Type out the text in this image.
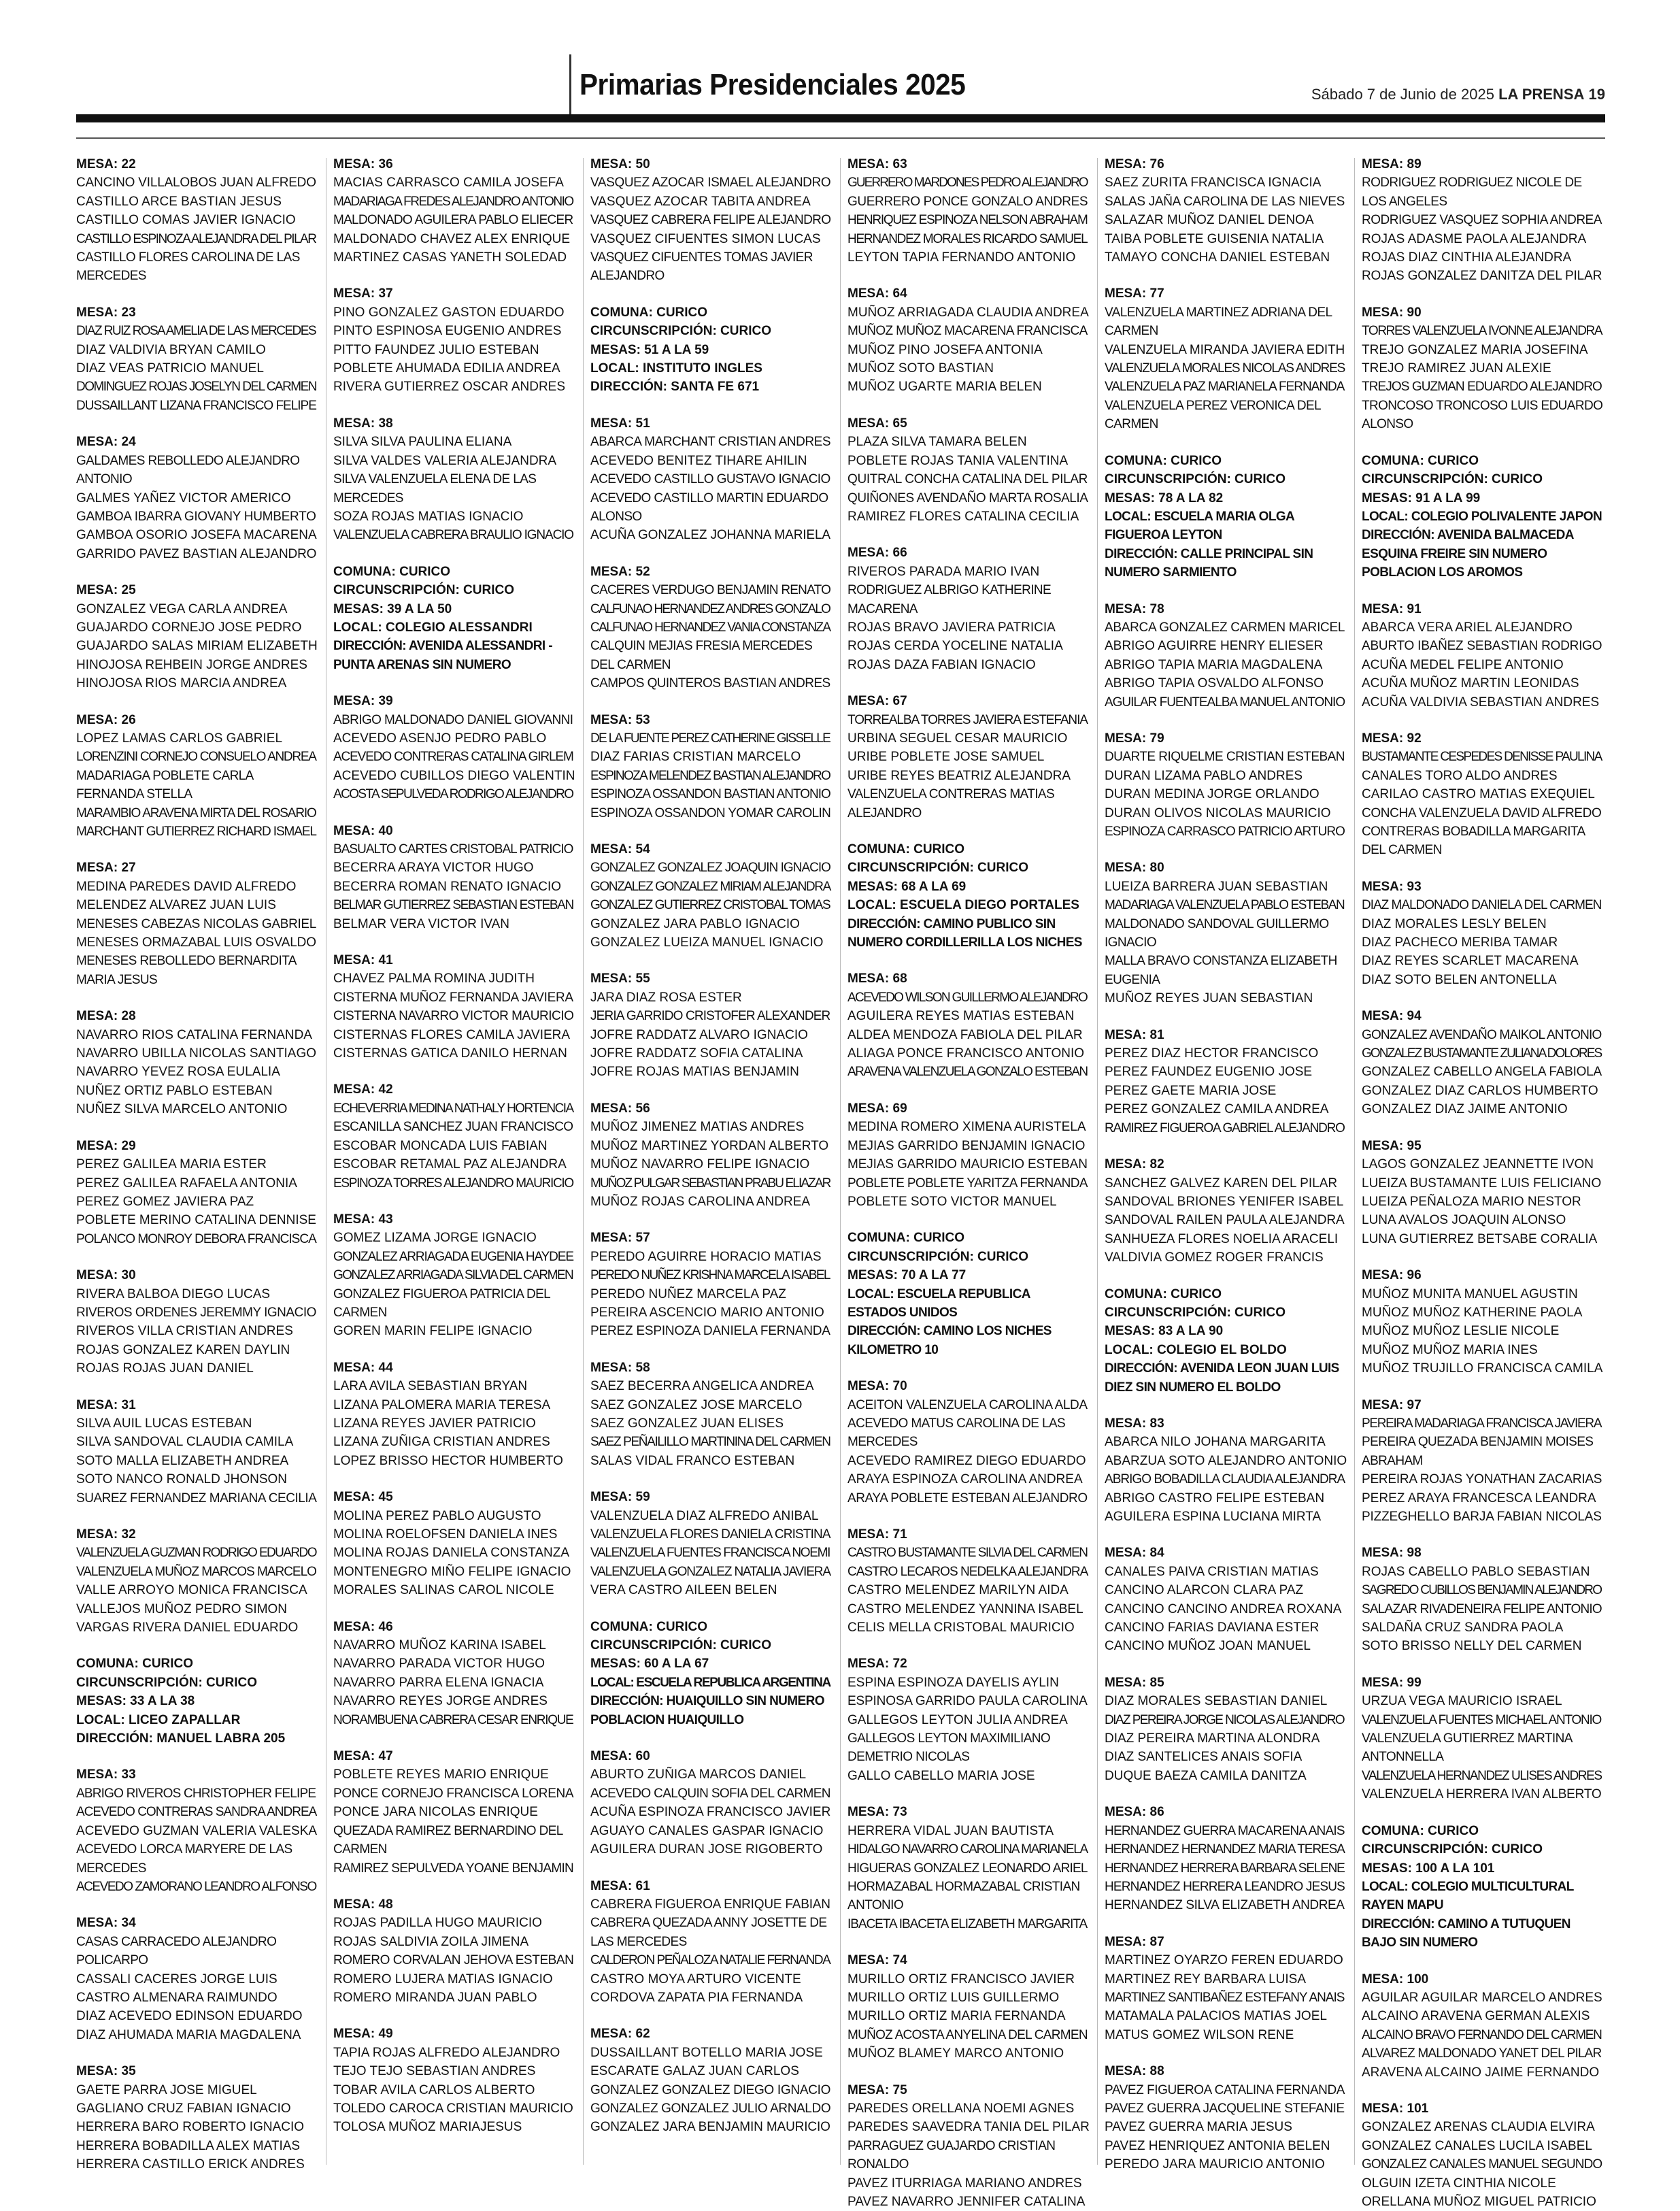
Primarias Presidenciales 2025	Sábado 7 de Junio de 2025 LA PRENSA 19
MESA: 22
CANCINO VILLALOBOS JUAN ALFREDO
CASTILLO ARCE BASTIAN JESUS
CASTILLO COMAS JAVIER IGNACIO
CASTILLO ESPINOZA ALEJANDRA DEL PILAR
CASTILLO FLORES CAROLINA DE LAS MERCEDES
MESA: 23
DIAZ RUIZ ROSA AMELIA DE LAS MERCEDES
DIAZ VALDIVIA BRYAN CAMILO
DIAZ VEAS PATRICIO MANUEL
DOMINGUEZ ROJAS JOSELYN DEL CARMEN
DUSSAILLANT LIZANA FRANCISCO FELIPE
MESA: 24
GALDAMES REBOLLEDO ALEJANDRO ANTONIO
GALMES YAÑEZ VICTOR AMERICO
GAMBOA IBARRA GIOVANY HUMBERTO
GAMBOA OSORIO JOSEFA MACARENA
GARRIDO PAVEZ BASTIAN ALEJANDRO
MESA: 25
GONZALEZ VEGA CARLA ANDREA
GUAJARDO CORNEJO JOSE PEDRO
GUAJARDO SALAS MIRIAM ELIZABETH
HINOJOSA REHBEIN JORGE ANDRES
HINOJOSA RIOS MARCIA ANDREA
MESA: 26
LOPEZ LAMAS CARLOS GABRIEL
LORENZINI CORNEJO CONSUELO ANDREA
MADARIAGA POBLETE CARLA FERNANDA STELLA
MARAMBIO ARAVENA MIRTA DEL ROSARIO
MARCHANT GUTIERREZ RICHARD ISMAEL
MESA: 27
MEDINA PAREDES DAVID ALFREDO
MELENDEZ ALVAREZ JUAN LUIS
MENESES CABEZAS NICOLAS GABRIEL
MENESES ORMAZABAL LUIS OSVALDO
MENESES REBOLLEDO BERNARDITA MARIA JESUS
MESA: 28
NAVARRO RIOS CATALINA FERNANDA
NAVARRO UBILLA NICOLAS SANTIAGO
NAVARRO YEVEZ ROSA EULALIA
NUÑEZ ORTIZ PABLO ESTEBAN
NUÑEZ SILVA MARCELO ANTONIO
MESA: 29
PEREZ GALILEA MARIA ESTER
PEREZ GALILEA RAFAELA ANTONIA
PEREZ GOMEZ JAVIERA PAZ
POBLETE MERINO CATALINA DENNISE
POLANCO MONROY DEBORA FRANCISCA
MESA: 30
RIVERA BALBOA DIEGO LUCAS
RIVEROS ORDENES JEREMMY IGNACIO
RIVEROS VILLA CRISTIAN ANDRES
ROJAS GONZALEZ KAREN DAYLIN
ROJAS ROJAS JUAN DANIEL
MESA: 31
SILVA AUIL LUCAS ESTEBAN
SILVA SANDOVAL CLAUDIA CAMILA
SOTO MALLA ELIZABETH ANDREA
SOTO NANCO RONALD JHONSON
SUAREZ FERNANDEZ MARIANA CECILIA
MESA: 32
VALENZUELA GUZMAN RODRIGO EDUARDO
VALENZUELA MUÑOZ MARCOS MARCELO
VALLE ARROYO MONICA FRANCISCA
VALLEJOS MUÑOZ PEDRO SIMON
VARGAS RIVERA DANIEL EDUARDO
COMUNA: CURICO
CIRCUNSCRIPCIÓN: CURICO
MESAS: 33 A LA 38
LOCAL: LICEO ZAPALLAR
DIRECCIÓN: MANUEL LABRA 205
MESA: 33
ABRIGO RIVEROS CHRISTOPHER FELIPE
ACEVEDO CONTRERAS SANDRA ANDREA
ACEVEDO GUZMAN VALERIA VALESKA
ACEVEDO LORCA MARYERE DE LAS MERCEDES
ACEVEDO ZAMORANO LEANDRO ALFONSO
MESA: 34
CASAS CARRACEDO ALEJANDRO POLICARPO
CASSALI CACERES JORGE LUIS
CASTRO ALMENARA RAIMUNDO
DIAZ ACEVEDO EDINSON EDUARDO
DIAZ AHUMADA MARIA MAGDALENA
MESA: 35
GAETE PARRA JOSE MIGUEL
GAGLIANO CRUZ FABIAN IGNACIO
HERRERA BARO ROBERTO IGNACIO
HERRERA BOBADILLA ALEX MATIAS
HERRERA CASTILLO ERICK ANDRES
MESA: 36
MACIAS CARRASCO CAMILA JOSEFA
MADARIAGA FREDES ALEJANDRO ANTONIO
MALDONADO AGUILERA PABLO ELIECER
MALDONADO CHAVEZ ALEX ENRIQUE
MARTINEZ CASAS YANETH SOLEDAD
MESA: 37
PINO GONZALEZ GASTON EDUARDO
PINTO ESPINOSA EUGENIO ANDRES
PITTO FAUNDEZ JULIO ESTEBAN
POBLETE AHUMADA EDILIA ANDREA
RIVERA GUTIERREZ OSCAR ANDRES
MESA: 38
SILVA SILVA PAULINA ELIANA
SILVA VALDES VALERIA ALEJANDRA
SILVA VALENZUELA ELENA DE LAS MERCEDES
SOZA ROJAS MATIAS IGNACIO
VALENZUELA CABRERA BRAULIO IGNACIO
COMUNA: CURICO
CIRCUNSCRIPCIÓN: CURICO
MESAS: 39 A LA 50
LOCAL: COLEGIO ALESSANDRI
DIRECCIÓN: AVENIDA ALESSANDRI - PUNTA ARENAS SIN NUMERO
MESA: 39
ABRIGO MALDONADO DANIEL GIOVANNI
ACEVEDO ASENJO PEDRO PABLO
ACEVEDO CONTRERAS CATALINA GIRLEM
ACEVEDO CUBILLOS DIEGO VALENTIN
ACOSTA SEPULVEDA RODRIGO ALEJANDRO
MESA: 40
BASUALTO CARTES CRISTOBAL PATRICIO
BECERRA ARAYA VICTOR HUGO
BECERRA ROMAN RENATO IGNACIO
BELMAR GUTIERREZ SEBASTIAN ESTEBAN
BELMAR VERA VICTOR IVAN
MESA: 41
CHAVEZ PALMA ROMINA JUDITH
CISTERNA MUÑOZ FERNANDA JAVIERA
CISTERNA NAVARRO VICTOR MAURICIO
CISTERNAS FLORES CAMILA JAVIERA
CISTERNAS GATICA DANILO HERNAN
MESA: 42
ECHEVERRIA MEDINA NATHALY HORTENCIA
ESCANILLA SANCHEZ JUAN FRANCISCO
ESCOBAR MONCADA LUIS FABIAN
ESCOBAR RETAMAL PAZ ALEJANDRA
ESPINOZA TORRES ALEJANDRO MAURICIO
MESA: 43
GOMEZ LIZAMA JORGE IGNACIO
GONZALEZ ARRIAGADA EUGENIA HAYDEE
GONZALEZ ARRIAGADA SILVIA DEL CARMEN
GONZALEZ FIGUEROA PATRICIA DEL CARMEN
GOREN MARIN FELIPE IGNACIO
MESA: 44
LARA AVILA SEBASTIAN BRYAN
LIZANA PALOMERA MARIA TERESA
LIZANA REYES JAVIER PATRICIO
LIZANA ZUÑIGA CRISTIAN ANDRES
LOPEZ BRISSO HECTOR HUMBERTO
MESA: 45
MOLINA PEREZ PABLO AUGUSTO
MOLINA ROELOFSEN DANIELA INES
MOLINA ROJAS DANIELA CONSTANZA
MONTENEGRO MIÑO FELIPE IGNACIO
MORALES SALINAS CAROL NICOLE
MESA: 46
NAVARRO MUÑOZ KARINA ISABEL
NAVARRO PARADA VICTOR HUGO
NAVARRO PARRA ELENA IGNACIA
NAVARRO REYES JORGE ANDRES
NORAMBUENA CABRERA CESAR ENRIQUE
MESA: 47
POBLETE REYES MARIO ENRIQUE
PONCE CORNEJO FRANCISCA LORENA
PONCE JARA NICOLAS ENRIQUE
QUEZADA RAMIREZ BERNARDINO DEL CARMEN
RAMIREZ SEPULVEDA YOANE BENJAMIN
MESA: 48
ROJAS PADILLA HUGO MAURICIO
ROJAS SALDIVIA ZOILA JIMENA
ROMERO CORVALAN JEHOVA ESTEBAN
ROMERO LUJERA MATIAS IGNACIO
ROMERO MIRANDA JUAN PABLO
MESA: 49
TAPIA ROJAS ALFREDO ALEJANDRO
TEJO TEJO SEBASTIAN ANDRES
TOBAR AVILA CARLOS ALBERTO
TOLEDO CAROCA CRISTIAN MAURICIO
TOLOSA MUÑOZ MARIAJESUS
MESA: 50
VASQUEZ AZOCAR ISMAEL ALEJANDRO
VASQUEZ AZOCAR TABITA ANDREA
VASQUEZ CABRERA FELIPE ALEJANDRO
VASQUEZ CIFUENTES SIMON LUCAS
VASQUEZ CIFUENTES TOMAS JAVIER ALEJANDRO
COMUNA: CURICO
CIRCUNSCRIPCIÓN: CURICO
MESAS: 51 A LA 59
LOCAL: INSTITUTO INGLES
DIRECCIÓN: SANTA FE 671
MESA: 51
ABARCA MARCHANT CRISTIAN ANDRES
ACEVEDO BENITEZ TIHARE AHILIN
ACEVEDO CASTILLO GUSTAVO IGNACIO
ACEVEDO CASTILLO MARTIN EDUARDO ALONSO
ACUÑA GONZALEZ JOHANNA MARIELA
MESA: 52
CACERES VERDUGO BENJAMIN RENATO
CALFUNAO HERNANDEZ ANDRES GONZALO
CALFUNAO HERNANDEZ VANIA CONSTANZA
CALQUIN MEJIAS FRESIA MERCEDES DEL CARMEN
CAMPOS QUINTEROS BASTIAN ANDRES
MESA: 53
DE LA FUENTE PEREZ CATHERINE GISSELLE
DIAZ FARIAS CRISTIAN MARCELO
ESPINOZA MELENDEZ BASTIAN ALEJANDRO
ESPINOZA OSSANDON BASTIAN ANTONIO
ESPINOZA OSSANDON YOMAR CAROLIN
MESA: 54
GONZALEZ GONZALEZ JOAQUIN IGNACIO
GONZALEZ GONZALEZ MIRIAM ALEJANDRA
GONZALEZ GUTIERREZ CRISTOBAL TOMAS
GONZALEZ JARA PABLO IGNACIO
GONZALEZ LUEIZA MANUEL IGNACIO
MESA: 55
JARA DIAZ ROSA ESTER
JERIA GARRIDO CRISTOFER ALEXANDER
JOFRE RADDATZ ALVARO IGNACIO
JOFRE RADDATZ SOFIA CATALINA
JOFRE ROJAS MATIAS BENJAMIN
MESA: 56
MUÑOZ JIMENEZ MATIAS ANDRES
MUÑOZ MARTINEZ YORDAN ALBERTO
MUÑOZ NAVARRO FELIPE IGNACIO
MUÑOZ PULGAR SEBASTIAN PRABU ELIAZAR
MUÑOZ ROJAS CAROLINA ANDREA
MESA: 57
PEREDO AGUIRRE HORACIO MATIAS
PEREDO NUÑEZ KRISHNA MARCELA ISABEL
PEREDO NUÑEZ MARCELA PAZ
PEREIRA ASCENCIO MARIO ANTONIO
PEREZ ESPINOZA DANIELA FERNANDA
MESA: 58
SAEZ BECERRA ANGELICA ANDREA
SAEZ GONZALEZ JOSE MARCELO
SAEZ GONZALEZ JUAN ELISES
SAEZ PEÑAILILLO MARTININA DEL CARMEN
SALAS VIDAL FRANCO ESTEBAN
MESA: 59
VALENZUELA DIAZ ALFREDO ANIBAL
VALENZUELA FLORES DANIELA CRISTINA
VALENZUELA FUENTES FRANCISCA NOEMI
VALENZUELA GONZALEZ NATALIA JAVIERA
VERA CASTRO AILEEN BELEN
COMUNA: CURICO
CIRCUNSCRIPCIÓN: CURICO
MESAS: 60 A LA 67
LOCAL: ESCUELA REPUBLICA ARGENTINA
DIRECCIÓN: HUAIQUILLO SIN NUMERO POBLACION HUAIQUILLO
MESA: 60
ABURTO ZUÑIGA MARCOS DANIEL
ACEVEDO CALQUIN SOFIA DEL CARMEN
ACUÑA ESPINOZA FRANCISCO JAVIER
AGUAYO CANALES GASPAR IGNACIO
AGUILERA DURAN JOSE RIGOBERTO
MESA: 61
CABRERA FIGUEROA ENRIQUE FABIAN
CABRERA QUEZADA ANNY JOSETTE DE LAS MERCEDES
CALDERON PEÑALOZA NATALIE FERNANDA
CASTRO MOYA ARTURO VICENTE
CORDOVA ZAPATA PIA FERNANDA
MESA: 62
DUSSAILLANT BOTELLO MARIA JOSE
ESCARATE GALAZ JUAN CARLOS
GONZALEZ GONZALEZ DIEGO IGNACIO
GONZALEZ GONZALEZ JULIO ARNALDO
GONZALEZ JARA BENJAMIN MAURICIO
MESA: 63
GUERRERO MARDONES PEDRO ALEJANDRO
GUERRERO PONCE GONZALO ANDRES
HENRIQUEZ ESPINOZA NELSON ABRAHAM
HERNANDEZ MORALES RICARDO SAMUEL
LEYTON TAPIA FERNANDO ANTONIO
MESA: 64
MUÑOZ ARRIAGADA CLAUDIA ANDREA
MUÑOZ MUÑOZ MACARENA FRANCISCA
MUÑOZ PINO JOSEFA ANTONIA
MUÑOZ SOTO BASTIAN
MUÑOZ UGARTE MARIA BELEN
MESA: 65
PLAZA SILVA TAMARA BELEN
POBLETE ROJAS TANIA VALENTINA
QUITRAL CONCHA CATALINA DEL PILAR
QUIÑONES AVENDAÑO MARTA ROSALIA
RAMIREZ FLORES CATALINA CECILIA
MESA: 66
RIVEROS PARADA MARIO IVAN
RODRIGUEZ ALBRIGO KATHERINE MACARENA
ROJAS BRAVO JAVIERA PATRICIA
ROJAS CERDA YOCELINE NATALIA
ROJAS DAZA FABIAN IGNACIO
MESA: 67
TORREALBA TORRES JAVIERA ESTEFANIA
URBINA SEGUEL CESAR MAURICIO
URIBE POBLETE JOSE SAMUEL
URIBE REYES BEATRIZ ALEJANDRA
VALENZUELA CONTRERAS MATIAS ALEJANDRO
COMUNA: CURICO
CIRCUNSCRIPCIÓN: CURICO
MESAS: 68 A LA 69
LOCAL: ESCUELA DIEGO PORTALES
DIRECCIÓN: CAMINO PUBLICO SIN NUMERO CORDILLERILLA LOS NICHES
MESA: 68
ACEVEDO WILSON GUILLERMO ALEJANDRO
AGUILERA REYES MATIAS ESTEBAN
ALDEA MENDOZA FABIOLA DEL PILAR
ALIAGA PONCE FRANCISCO ANTONIO
ARAVENA VALENZUELA GONZALO ESTEBAN
MESA: 69
MEDINA ROMERO XIMENA AURISTELA
MEJIAS GARRIDO BENJAMIN IGNACIO
MEJIAS GARRIDO MAURICIO ESTEBAN
POBLETE POBLETE YARITZA FERNANDA
POBLETE SOTO VICTOR MANUEL
COMUNA: CURICO
CIRCUNSCRIPCIÓN: CURICO
MESAS: 70 A LA 77
LOCAL: ESCUELA REPUBLICA ESTADOS UNIDOS
DIRECCIÓN: CAMINO LOS NICHES KILOMETRO 10
MESA: 70
ACEITON VALENZUELA CAROLINA ALDA
ACEVEDO MATUS CAROLINA DE LAS MERCEDES
ACEVEDO RAMIREZ DIEGO EDUARDO
ARAYA ESPINOZA CAROLINA ANDREA
ARAYA POBLETE ESTEBAN ALEJANDRO
MESA: 71
CASTRO BUSTAMANTE SILVIA DEL CARMEN
CASTRO LECAROS NEDELKA ALEJANDRA
CASTRO MELENDEZ MARILYN AIDA
CASTRO MELENDEZ YANNINA ISABEL
CELIS MELLA CRISTOBAL MAURICIO
MESA: 72
ESPINA ESPINOZA DAYELIS AYLIN
ESPINOSA GARRIDO PAULA CAROLINA
GALLEGOS LEYTON JULIA ANDREA
GALLEGOS LEYTON MAXIMILIANO DEMETRIO NICOLAS
GALLO CABELLO MARIA JOSE
MESA: 73
HERRERA VIDAL JUAN BAUTISTA
HIDALGO NAVARRO CAROLINA MARIANELA
HIGUERAS GONZALEZ LEONARDO ARIEL
HORMAZABAL HORMAZABAL CRISTIAN ANTONIO
IBACETA IBACETA ELIZABETH MARGARITA
MESA: 74
MURILLO ORTIZ FRANCISCO JAVIER
MURILLO ORTIZ LUIS GUILLERMO
MURILLO ORTIZ MARIA FERNANDA
MUÑOZ ACOSTA ANYELINA DEL CARMEN
MUÑOZ BLAMEY MARCO ANTONIO
MESA: 75
PAREDES ORELLANA NOEMI AGNES
PAREDES SAAVEDRA TANIA DEL PILAR
PARRAGUEZ GUAJARDO CRISTIAN RONALDO
PAVEZ ITURRIAGA MARIANO ANDRES
PAVEZ NAVARRO JENNIFER CATALINA
MESA: 76
SAEZ ZURITA FRANCISCA IGNACIA
SALAS JAÑA CAROLINA DE LAS NIEVES
SALAZAR MUÑOZ DANIEL DENOA
TAIBA POBLETE GUISENIA NATALIA
TAMAYO CONCHA DANIEL ESTEBAN
MESA: 77
VALENZUELA MARTINEZ ADRIANA DEL CARMEN
VALENZUELA MIRANDA JAVIERA EDITH
VALENZUELA MORALES NICOLAS ANDRES
VALENZUELA PAZ MARIANELA FERNANDA
VALENZUELA PEREZ VERONICA DEL CARMEN
COMUNA: CURICO
CIRCUNSCRIPCIÓN: CURICO
MESAS: 78 A LA 82
LOCAL: ESCUELA MARIA OLGA FIGUEROA LEYTON
DIRECCIÓN: CALLE PRINCIPAL SIN NUMERO SARMIENTO
MESA: 78
ABARCA GONZALEZ CARMEN MARICEL
ABRIGO AGUIRRE HENRY ELIESER
ABRIGO TAPIA MARIA MAGDALENA
ABRIGO TAPIA OSVALDO ALFONSO
AGUILAR FUENTEALBA MANUEL ANTONIO
MESA: 79
DUARTE RIQUELME CRISTIAN ESTEBAN
DURAN LIZAMA PABLO ANDRES
DURAN MEDINA JORGE ORLANDO
DURAN OLIVOS NICOLAS MAURICIO
ESPINOZA CARRASCO PATRICIO ARTURO
MESA: 80
LUEIZA BARRERA JUAN SEBASTIAN
MADARIAGA VALENZUELA PABLO ESTEBAN
MALDONADO SANDOVAL GUILLERMO IGNACIO
MALLA BRAVO CONSTANZA ELIZABETH EUGENIA
MUÑOZ REYES JUAN SEBASTIAN
MESA: 81
PEREZ DIAZ HECTOR FRANCISCO
PEREZ FAUNDEZ EUGENIO JOSE
PEREZ GAETE MARIA JOSE
PEREZ GONZALEZ CAMILA ANDREA
RAMIREZ FIGUEROA GABRIEL ALEJANDRO
MESA: 82
SANCHEZ GALVEZ KAREN DEL PILAR
SANDOVAL BRIONES YENIFER ISABEL
SANDOVAL RAILEN PAULA ALEJANDRA
SANHUEZA FLORES NOELIA ARACELI
VALDIVIA GOMEZ ROGER FRANCIS
COMUNA: CURICO
CIRCUNSCRIPCIÓN: CURICO
MESAS: 83 A LA 90
LOCAL: COLEGIO EL BOLDO
DIRECCIÓN: AVENIDA LEON JUAN LUIS DIEZ SIN NUMERO EL BOLDO
MESA: 83
ABARCA NILO JOHANA MARGARITA
ABARZUA SOTO ALEJANDRO ANTONIO
ABRIGO BOBADILLA CLAUDIA ALEJANDRA
ABRIGO CASTRO FELIPE ESTEBAN
AGUILERA ESPINA LUCIANA MIRTA
MESA: 84
CANALES PAIVA CRISTIAN MATIAS
CANCINO ALARCON CLARA PAZ
CANCINO CANCINO ANDREA ROXANA
CANCINO FARIAS DAVIANA ESTER
CANCINO MUÑOZ JOAN MANUEL
MESA: 85
DIAZ MORALES SEBASTIAN DANIEL
DIAZ PEREIRA JORGE NICOLAS ALEJANDRO
DIAZ PEREIRA MARTINA ALONDRA
DIAZ SANTELICES ANAIS SOFIA
DUQUE BAEZA CAMILA DANITZA
MESA: 86
HERNANDEZ GUERRA MACARENA ANAIS
HERNANDEZ HERNANDEZ MARIA TERESA
HERNANDEZ HERRERA BARBARA SELENE
HERNANDEZ HERRERA LEANDRO JESUS
HERNANDEZ SILVA ELIZABETH ANDREA
MESA: 87
MARTINEZ OYARZO FEREN EDUARDO
MARTINEZ REY BARBARA LUISA
MARTINEZ SANTIBAÑEZ ESTEFANY ANAIS
MATAMALA PALACIOS MATIAS JOEL
MATUS GOMEZ WILSON RENE
MESA: 88
PAVEZ FIGUEROA CATALINA FERNANDA
PAVEZ GUERRA JACQUELINE STEFANIE
PAVEZ GUERRA MARIA JESUS
PAVEZ HENRIQUEZ ANTONIA BELEN
PEREDO JARA MAURICIO ANTONIO
MESA: 89
RODRIGUEZ RODRIGUEZ NICOLE DE LOS ANGELES
RODRIGUEZ VASQUEZ SOPHIA ANDREA
ROJAS ADASME PAOLA ALEJANDRA
ROJAS DIAZ CINTHIA ALEJANDRA
ROJAS GONZALEZ DANITZA DEL PILAR
MESA: 90
TORRES VALENZUELA IVONNE ALEJANDRA
TREJO GONZALEZ MARIA JOSEFINA
TREJO RAMIREZ JUAN ALEXIE
TREJOS GUZMAN EDUARDO ALEJANDRO
TRONCOSO TRONCOSO LUIS EDUARDO ALONSO
COMUNA: CURICO
CIRCUNSCRIPCIÓN: CURICO
MESAS: 91 A LA 99
LOCAL: COLEGIO POLIVALENTE JAPON
DIRECCIÓN: AVENIDA BALMACEDA ESQUINA FREIRE SIN NUMERO POBLACION LOS AROMOS
MESA: 91
ABARCA VERA ARIEL ALEJANDRO
ABURTO IBAÑEZ SEBASTIAN RODRIGO
ACUÑA MEDEL FELIPE ANTONIO
ACUÑA MUÑOZ MARTIN LEONIDAS
ACUÑA VALDIVIA SEBASTIAN ANDRES
MESA: 92
BUSTAMANTE CESPEDES DENISSE PAULINA
CANALES TORO ALDO ANDRES
CARILAO CASTRO MATIAS EXEQUIEL
CONCHA VALENZUELA DAVID ALFREDO
CONTRERAS BOBADILLA MARGARITA DEL CARMEN
MESA: 93
DIAZ MALDONADO DANIELA DEL CARMEN
DIAZ MORALES LESLY BELEN
DIAZ PACHECO MERIBA TAMAR
DIAZ REYES SCARLET MACARENA
DIAZ SOTO BELEN ANTONELLA
MESA: 94
GONZALEZ AVENDAÑO MAIKOL ANTONIO
GONZALEZ BUSTAMANTE ZULIANA DOLORES
GONZALEZ CABELLO ANGELA FABIOLA
GONZALEZ DIAZ CARLOS HUMBERTO
GONZALEZ DIAZ JAIME ANTONIO
MESA: 95
LAGOS GONZALEZ JEANNETTE IVON
LUEIZA BUSTAMANTE LUIS FELICIANO
LUEIZA PEÑALOZA MARIO NESTOR
LUNA AVALOS JOAQUIN ALONSO
LUNA GUTIERREZ BETSABE CORALIA
MESA: 96
MUÑOZ MUNITA MANUEL AGUSTIN
MUÑOZ MUÑOZ KATHERINE PAOLA
MUÑOZ MUÑOZ LESLIE NICOLE
MUÑOZ MUÑOZ MARIA INES
MUÑOZ TRUJILLO FRANCISCA CAMILA
MESA: 97
PEREIRA MADARIAGA FRANCISCA JAVIERA
PEREIRA QUEZADA BENJAMIN MOISES ABRAHAM
PEREIRA ROJAS YONATHAN ZACARIAS
PEREZ ARAYA FRANCESCA LEANDRA
PIZZEGHELLO BARJA FABIAN NICOLAS
MESA: 98
ROJAS CABELLO PABLO SEBASTIAN
SAGREDO CUBILLOS BENJAMIN ALEJANDRO
SALAZAR RIVADENEIRA FELIPE ANTONIO
SALDAÑA CRUZ SANDRA PAOLA
SOTO BRISSO NELLY DEL CARMEN
MESA: 99
URZUA VEGA MAURICIO ISRAEL
VALENZUELA FUENTES MICHAEL ANTONIO
VALENZUELA GUTIERREZ MARTINA ANTONNELLA
VALENZUELA HERNANDEZ ULISES ANDRES
VALENZUELA HERRERA IVAN ALBERTO
COMUNA: CURICO
CIRCUNSCRIPCIÓN: CURICO
MESAS: 100 A LA 101
LOCAL: COLEGIO MULTICULTURAL RAYEN MAPU
DIRECCIÓN: CAMINO A TUTUQUEN BAJO SIN NUMERO
MESA: 100
AGUILAR AGUILAR MARCELO ANDRES
ALCAINO ARAVENA GERMAN ALEXIS
ALCAINO BRAVO FERNANDO DEL CARMEN
ALVAREZ MALDONADO YANET DEL PILAR
ARAVENA ALCAINO JAIME FERNANDO
MESA: 101
GONZALEZ ARENAS CLAUDIA ELVIRA
GONZALEZ CANALES LUCILA ISABEL
GONZALEZ CANALES MANUEL SEGUNDO
OLGUIN IZETA CINTHIA NICOLE
ORELLANA MUÑOZ MIGUEL PATRICIO
